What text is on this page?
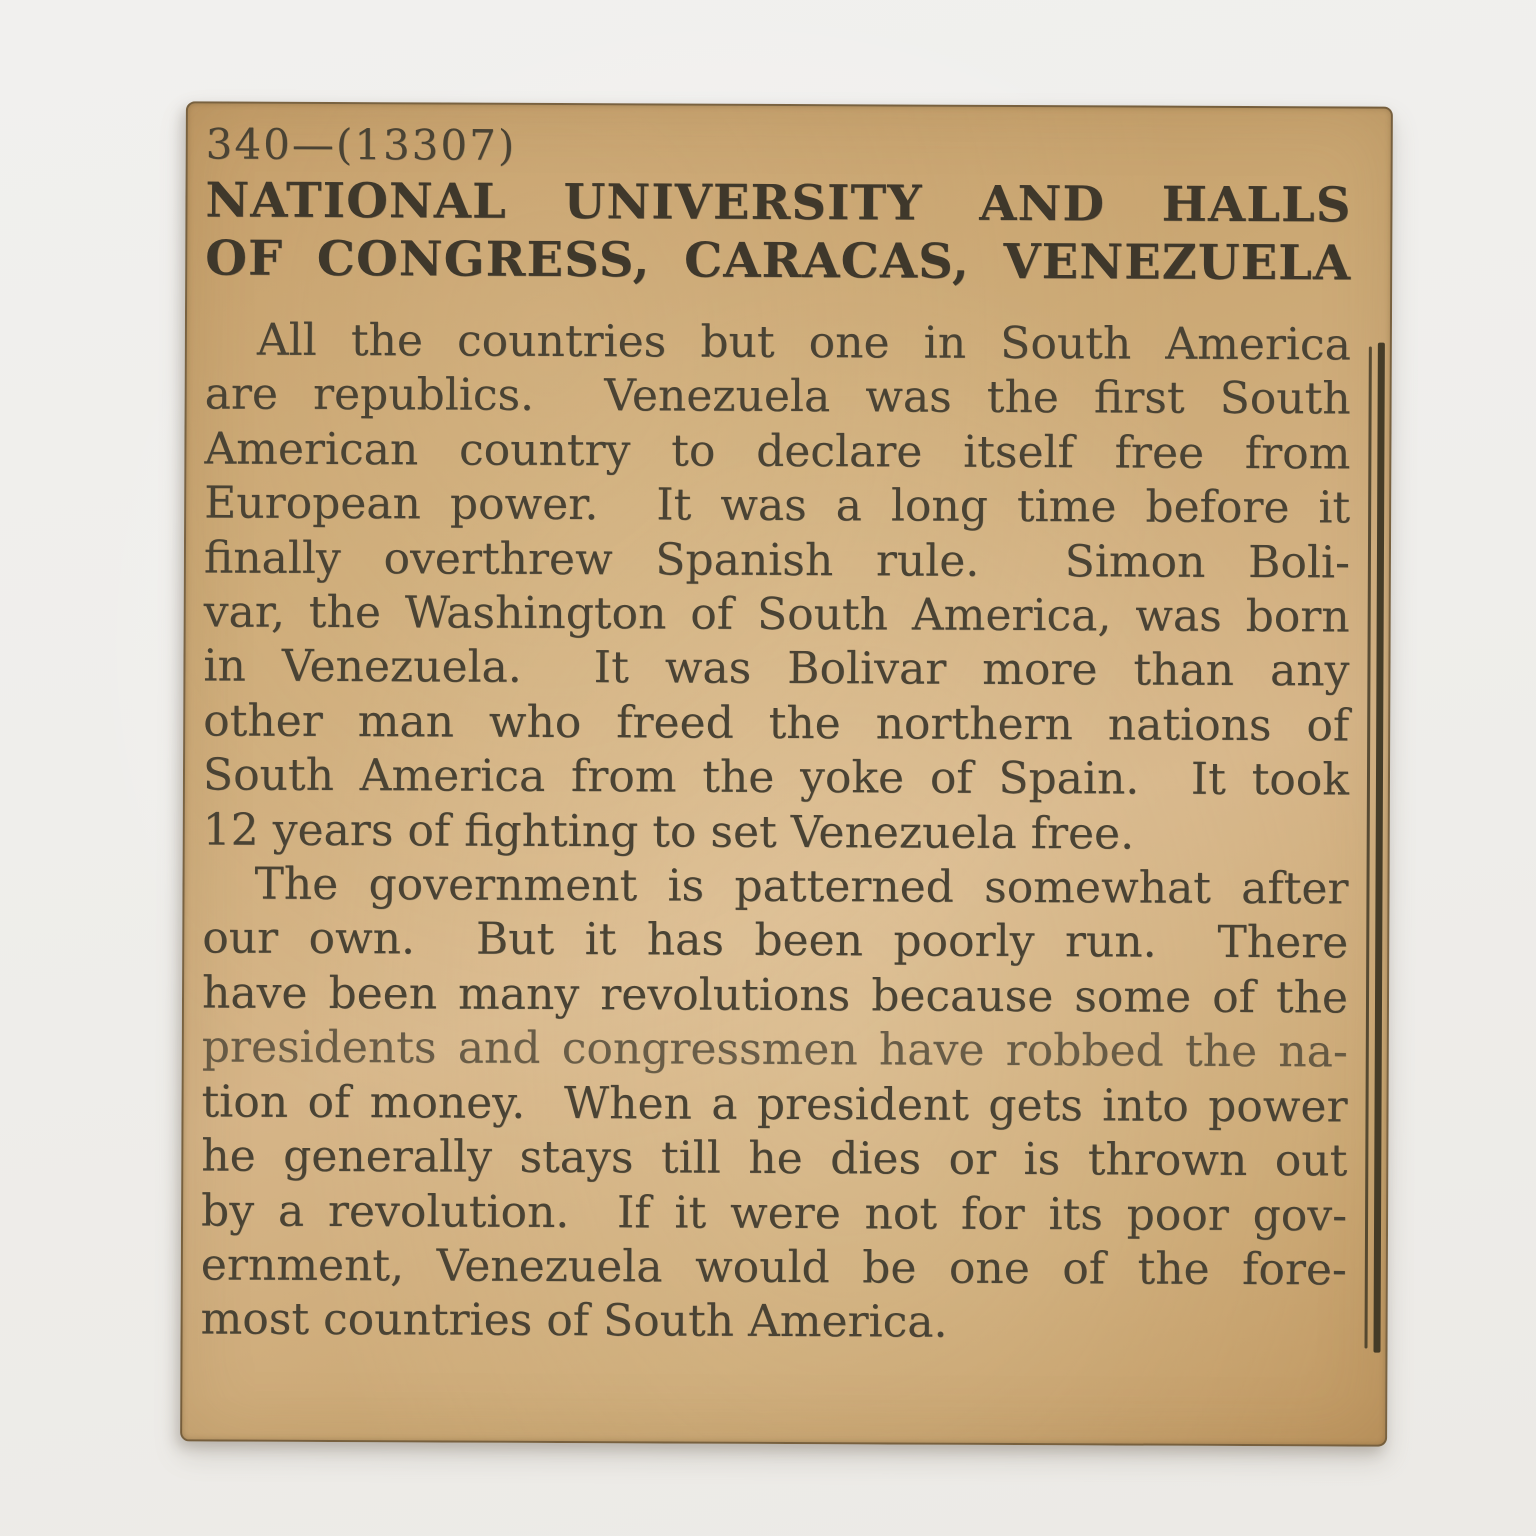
340—(13307)
NATIONAL UNIVERSITY AND HALLS
OF CONGRESS, CARACAS, VENEZUELA
All the countries but one in South America
are republics.  Venezuela was the first South
American country to declare itself free from
European power.  It was a long time before it
finally overthrew Spanish rule.  Simon Boli-
var, the Washington of South America, was born
in Venezuela.  It was Bolivar more than any
other man who freed the northern nations of
South America from the yoke of Spain.  It took
12 years of fighting to set Venezuela free.
The government is patterned somewhat after
our own.  But it has been poorly run.  There
have been many revolutions because some of the
presidents and congressmen have robbed the na-
tion of money.  When a president gets into power
he generally stays till he dies or is thrown out
by a revolution.  If it were not for its poor gov-
ernment, Venezuela would be one of the fore-
most countries of South America.
